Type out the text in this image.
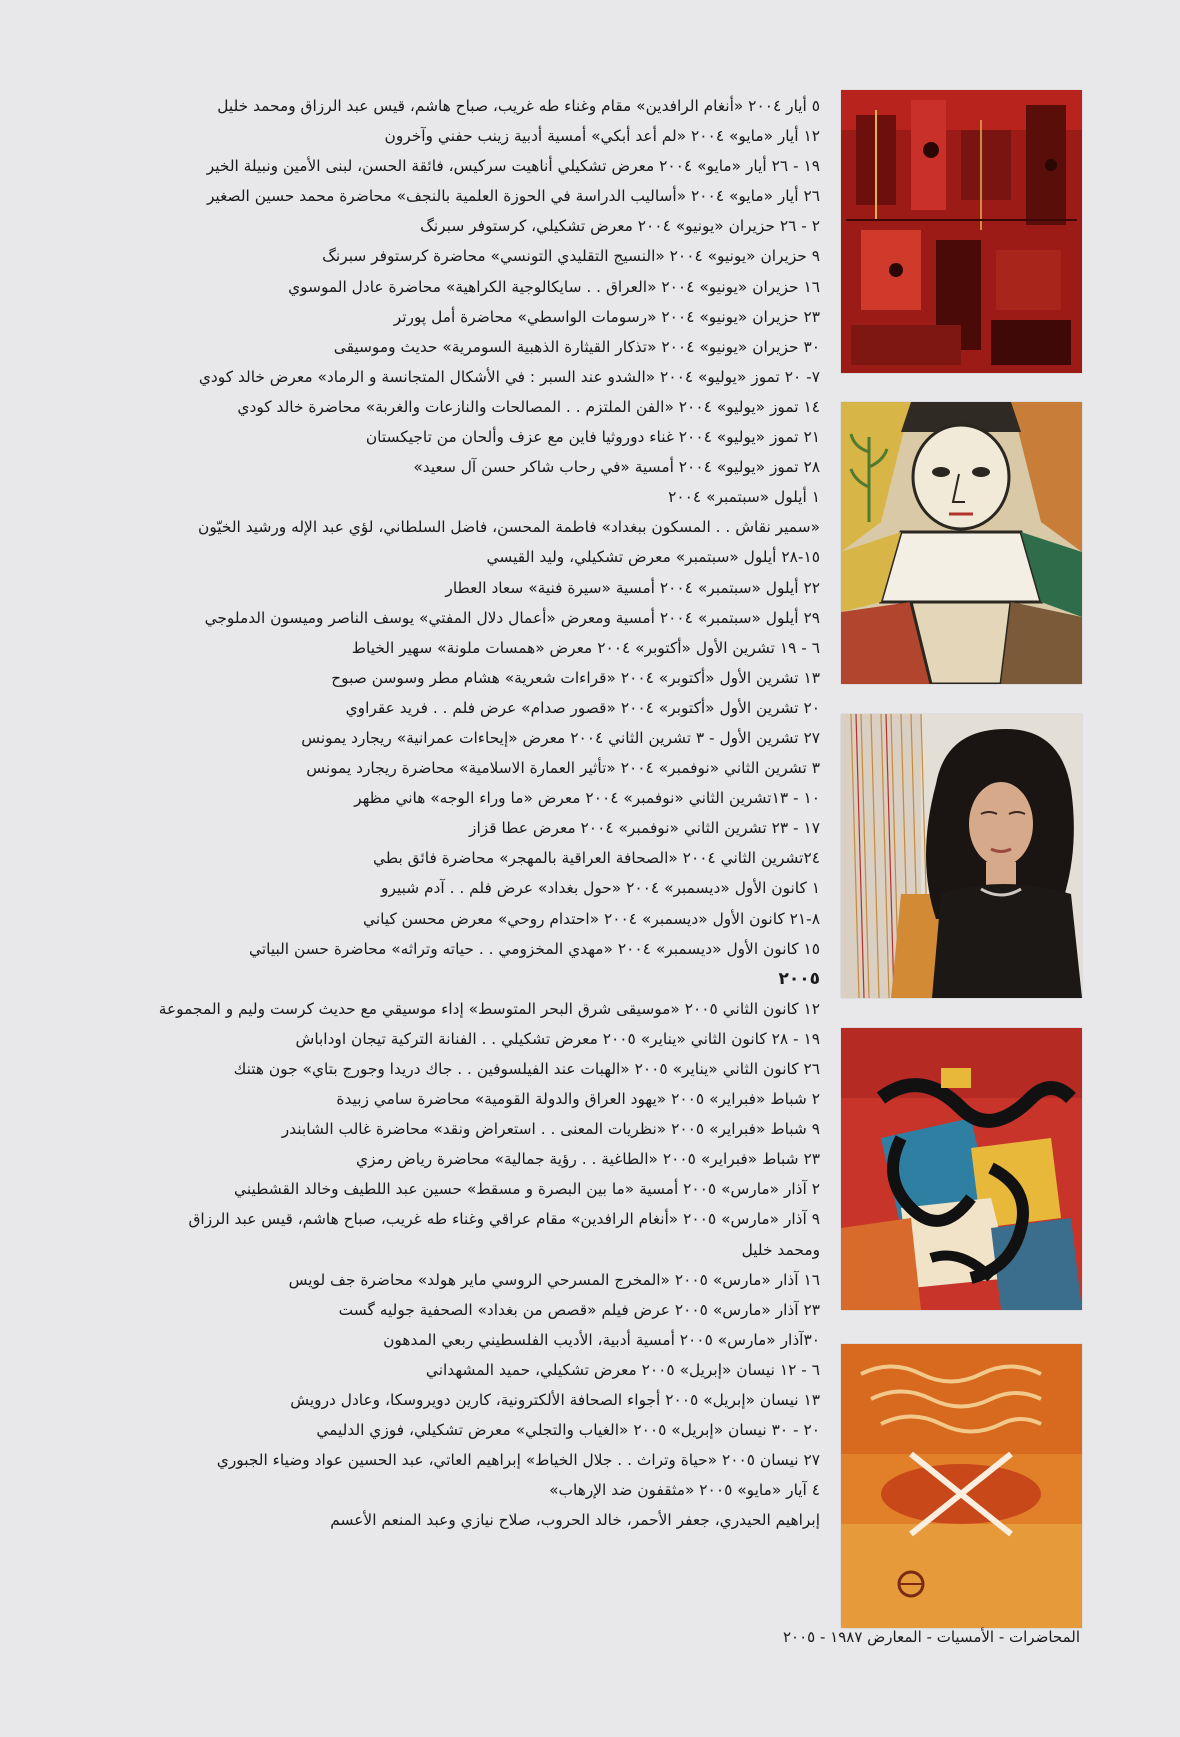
٥ أيار ٢٠٠٤ «أنغام الرافدين» مقام وغناء طه غريب، صباح هاشم، قيس عبد الرزاق ومحمد خليل
١٢ أيار «مايو» ٢٠٠٤ «لم أعد أبكي» أمسية أدبية زينب حفني وآخرون
١٩ - ٢٦ أيار «مايو» ٢٠٠٤ معرض تشكيلي أناهيت سركيس، فائقة الحسن، لبنى الأمين ونبيلة الخير
٢٦ أيار «مايو» ٢٠٠٤ «أساليب الدراسة في الحوزة العلمية بالنجف» محاضرة محمد حسين الصغير
٢ - ٢٦ حزيران «يونيو» ٢٠٠٤ معرض تشكيلي، كرستوفر سبرنگ
٩ حزيران «يونيو» ٢٠٠٤ «النسيج التقليدي التونسي» محاضرة كرستوفر سبرنگ
١٦ حزيران «يونيو» ٢٠٠٤ «العراق . . سايكالوجية الكراهية» محاضرة عادل الموسوي
٢٣ حزيران «يونيو» ٢٠٠٤ «رسومات الواسطي» محاضرة أمل پورتر
٣٠ حزيران «يونيو» ٢٠٠٤ «تذكار القيثارة الذهبية السومرية» حديث وموسيقى
٧- ٢٠ تموز «يوليو» ٢٠٠٤ «الشدو عند السبر : في الأشكال المتجانسة و الرماد» معرض خالد كودي
١٤ تموز «يوليو» ٢٠٠٤ «الفن الملتزم . . المصالحات والنازعات والغربة» محاضرة خالد كودي
٢١ تموز «يوليو» ٢٠٠٤ غناء دوروثيا فاين مع عزف وألحان من تاجيكستان
٢٨ تموز «يوليو» ٢٠٠٤ أمسية «في رحاب شاكر حسن آل سعيد»
١ أيلول «سبتمبر» ٢٠٠٤
«سمير نقاش . . المسكون ببغداد» فاطمة المحسن، فاضل السلطاني، لؤي عبد الإله ورشيد الخيّون
١٥-٢٨ أيلول «سبتمبر» معرض تشكيلي، وليد القيسي
٢٢ أيلول «سبتمبر» ٢٠٠٤ أمسية «سيرة فنية» سعاد العطار
٢٩ أيلول «سبتمبر» ٢٠٠٤ أمسية ومعرض «أعمال دلال المفتي» يوسف الناصر وميسون الدملوجي
٦ - ١٩ تشرين الأول «أكتوبر» ٢٠٠٤ معرض «همسات ملونة» سهير الخياط
١٣ تشرين الأول «أكتوبر» ٢٠٠٤ «قراءات شعرية» هشام مطر وسوسن صبوح
٢٠ تشرين الأول «أكتوبر» ٢٠٠٤ «قصور صدام» عرض فلم . . فريد عقراوي
٢٧ تشرين الأول - ٣ تشرين الثاني ٢٠٠٤ معرض «إيحاءات عمرانية» ريجارد يمونس
٣ تشرين الثاني «نوفمبر» ٢٠٠٤ «تأثير العمارة الاسلامية» محاضرة ريجارد يمونس
١٠ - ١٣تشرين الثاني «نوفمبر» ٢٠٠٤ معرض «ما وراء الوجه» هاني مظهر
١٧ - ٢٣ تشرين الثاني «نوفمبر» ٢٠٠٤ معرض عطا قزاز
٢٤تشرين الثاني ٢٠٠٤ «الصحافة العراقية بالمهجر» محاضرة فائق بطي
١ كانون الأول «ديسمبر» ٢٠٠٤ «حول بغداد» عرض فلم . . آدم شبيرو
٨-٢١ كانون الأول «ديسمبر» ٢٠٠٤ «احتدام روحي» معرض محسن كياني
١٥ كانون الأول «ديسمبر» ٢٠٠٤ «مهدي المخزومي . . حياته وتراثه» محاضرة حسن البياتي
٢٠٠٥
١٢ كانون الثاني ٢٠٠٥ «موسيقى شرق البحر المتوسط» إداء موسيقي مع حديث كرست وليم و المجموعة
١٩ - ٢٨ كانون الثاني «يناير» ٢٠٠٥ معرض تشكيلي . . الفنانة التركية تيجان اوداباش
٢٦ كانون الثاني «يناير» ٢٠٠٥ «الهبات عند الفيلسوفين . . جاك دريدا وجورج بتاي» جون هتنك
٢ شباط «فبراير» ٢٠٠٥ «يهود العراق والدولة القومية» محاضرة سامي زبيدة
٩ شباط «فبراير» ٢٠٠٥ «نظريات المعنى . . استعراض ونقد» محاضرة غالب الشابندر
٢٣ شباط «فبراير» ٢٠٠٥ «الطاغية . . رؤية جمالية» محاضرة رياض رمزي
٢ آذار «مارس» ٢٠٠٥ أمسية «ما بين البصرة و مسقط» حسين عبد اللطيف وخالد القشطيني
٩ آذار «مارس» ٢٠٠٥ «أنغام الرافدين» مقام عراقي وغناء طه غريب، صباح هاشم، قيس عبد الرزاق
ومحمد خليل
١٦ آذار «مارس» ٢٠٠٥ «المخرج المسرحي الروسي ماير هولد» محاضرة جف لويس
٢٣ آذار «مارس» ٢٠٠٥ عرض فيلم «قصص من بغداد» الصحفية جوليه گست
٣٠آذار «مارس» ٢٠٠٥ أمسية أدبية، الأديب الفلسطيني ربعي المدهون
٦ - ١٢ نيسان «إبريل» ٢٠٠٥ معرض تشكيلي، حميد المشهداني
١٣ نيسان «إبريل» ٢٠٠٥ أجواء الصحافة الألكترونية، كارين دويروسكا، وعادل درويش
٢٠ - ٣٠ نيسان «إبريل» ٢٠٠٥ «الغياب والتجلي» معرض تشكيلي، فوزي الدليمي
٢٧ نيسان ٢٠٠٥ «حياة وتراث . . جلال الخياط» إبراهيم العاتي، عبد الحسين عواد وضياء الجبوري
٤ آيار «مايو» ٢٠٠٥ «مثقفون ضد الإرهاب»
إبراهيم الحيدري، جعفر الأحمر، خالد الحروب، صلاح نيازي وعبد المنعم الأعسم
المحاضرات - الأمسيات - المعارض ١٩٨٧ - ٢٠٠٥
